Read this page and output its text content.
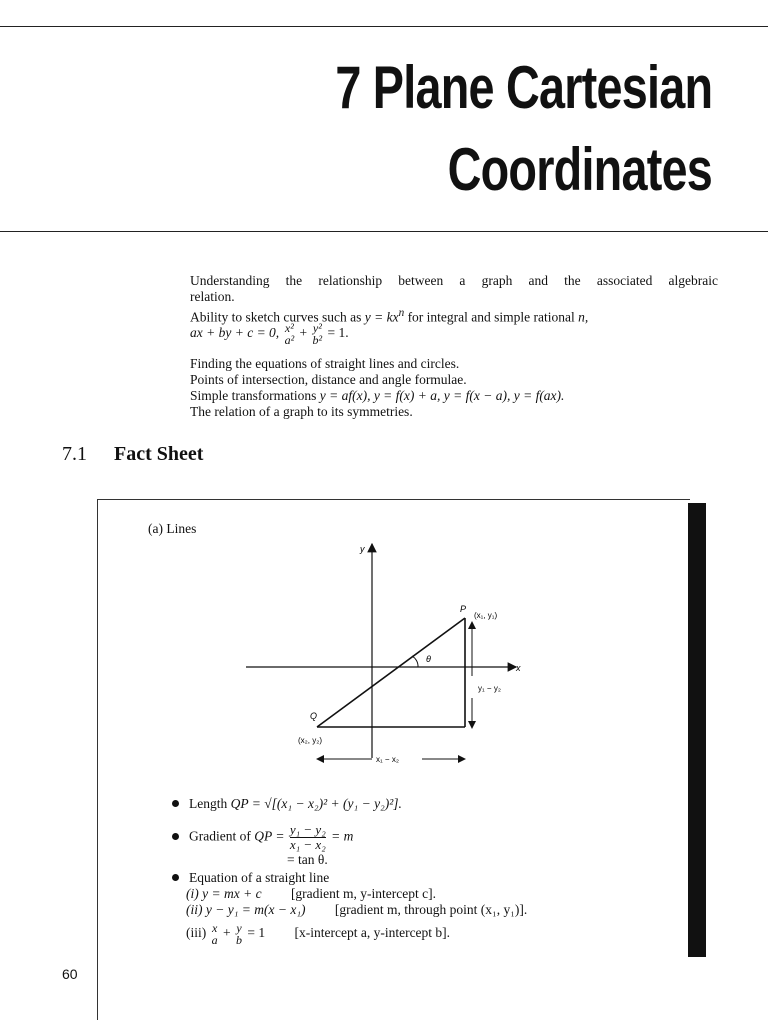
7 Plane Cartesian
Coordinates
Understanding the relationship between a graph and the associated algebraic
relation.
Ability to sketch curves such as $y = kx^n$ for integral and simple rational n,
ax + by + c = 0, x²
a² + y²
b² = 1.
Finding the equations of straight lines and circles.
Points of intersection, distance and angle formulae.
Simple transformations y = af(x), y = f(x) + a, y = f(x − a), y = f(ax).
The relation of a graph to its symmetries.
7.1 Fact Sheet
(a) Lines
y
x
θ
P
(x₁, y₁)
Q
(x₂, y₂)
y₁ − y₂
x₁ − x₂
Length QP = √[(x₁ − x₂)² + (y₁ − y₂)²].
Gradient of QP = $\frac{\text{y₁ − y₂}}{\text{x₁ − x₂}} = m$
= tan θ.
Equation of a straight line
(i) y = mx + c [gradient m, y-intercept c].
(ii) y − y₁ = m(x − x₁) [gradient m, through point (x₁, y₁)].
(iii) x
a + y
b = 1 [x-intercept a, y-intercept b].
60
